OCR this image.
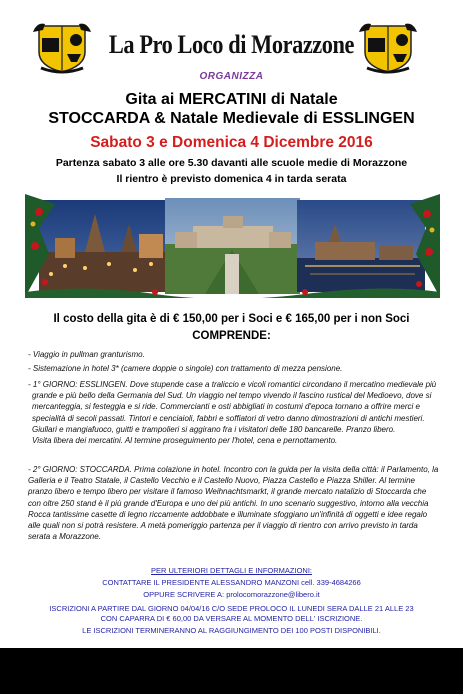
La Pro Loco di Morazzone
ORGANIZZA
Gita ai MERCATINI di Natale
STOCCARDA & Natale Medievale di ESSLINGEN
Sabato 3 e Domenica 4 Dicembre 2016
Partenza sabato 3 alle ore 5.30 davanti alle scuole medie di Morazzone
Il rientro è previsto domenica 4 in tarda serata
Il costo della gita è di € 150,00 per i Soci e € 165,00 per i non Soci
COMPRENDE:
- Viaggio in pullman granturismo.
- Sistemazione in hotel 3* (camere doppie o singole) con trattamento di mezza pensione.
- 1° GIORNO: ESSLINGEN. Dove stupende case a traliccio e vicoli romantici circondano il mercatino medievale più grande e più bello della Germania del Sud. Un viaggio nel tempo vivendo il fascino rustical del Medioevo, dove si mercanteggia, si festeggia e si ride. Commercianti e osti abbigliati in costumi d'epoca tornano a offrire merci e specialità di secoli passati. Tintori e cenciaioli, fabbri e soffiatori di vetro danno dimostrazioni di antichi mestieri. Giullari e mangiafuoco, guitti e trampolieri si aggirano fra i visitatori delle 180 bancarelle. Pranzo libero.
Visita libera dei mercatini. Al termine proseguimento per l'hotel, cena e pernottamento.
- 2° GIORNO: STOCCARDA. Prima colazione in hotel. Incontro con la guida per la visita della città: il Parlamento, la Galleria e il Teatro Statale, il Castello Vecchio e il Castello Nuovo, Piazza Castello e Piazza Shiller. Al termine pranzo libero e tempo libero per visitare il famoso Weihnachtsmarkt, il grande mercato natalizio di Stoccarda che con oltre 250 stand è il più grande d'Europa e uno dei più antichi. In uno scenario suggestivo, intorno alla vecchia Rocca tantissime casette di legno riccamente addobbate e illuminate sfoggiano un'infinità di oggetti e idee regalo alle quali non si potrà resistere. A metà pomeriggio partenza per il viaggio di rientro con arrivo previsto in tarda serata a Morazzone.
PER ULTERIORI DETTAGLI E INFORMAZIONI:
CONTATTARE IL PRESIDENTE ALESSANDRO MANZONI cell. 339-4684266
OPPURE SCRIVERE A: prolocomorazzone@libero.it
ISCRIZIONI A PARTIRE DAL GIORNO 04/04/16 C/O SEDE PROLOCO IL LUNEDI SERA DALLE 21 ALLE 23
CON CAPARRA DI € 60,00 DA VERSARE AL MOMENTO DELL' ISCRIZIONE.
LE ISCRIZIONI TERMINERANNO AL RAGGIUNGIMENTO DEI 100 POSTI DISPONIBILI.
